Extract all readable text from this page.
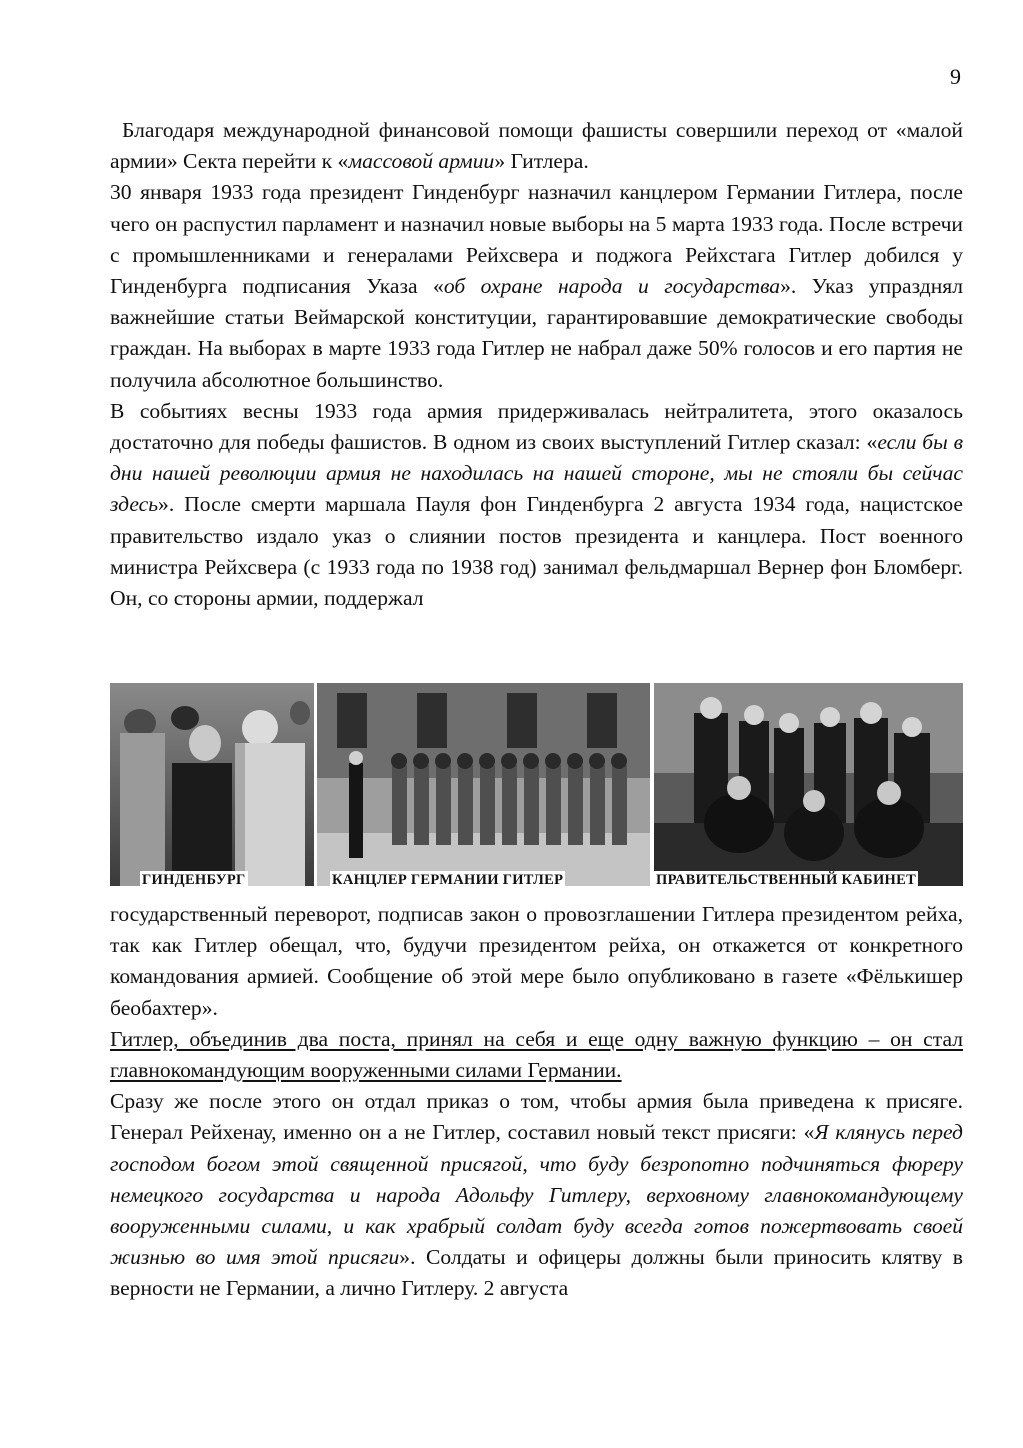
9

Благодаря международной финансовой помощи фашисты совершили переход от «малой армии» Секта перейти к «массовой армии» Гитлера.

30 января 1933 года президент Гинденбург назначил канцлером Германии Гитлера, после чего он распустил парламент и назначил новые выборы на 5 марта 1933 года. После встречи с промышленниками и генералами Рейхсвера и поджога Рейхстага Гитлер добился у Гинденбурга подписания Указа «об охране народа и государства». Указ упразднял важнейшие статьи Веймарской конституции, гарантировавшие демократические свободы граждан. На выборах в марте 1933 года Гитлер не набрал даже 50% голосов и его партия не получила абсолютное большинство.

В событиях весны 1933 года армия придерживалась нейтралитета, этого оказалось достаточно для победы фашистов. В одном из своих выступлений Гитлер сказал: «если бы в дни нашей революции армия не находилась на нашей стороне, мы не стояли бы сейчас здесь». После смерти маршала Пауля фон Гинденбурга 2 августа 1934 года, нацистское правительство издало указ о слиянии постов президента и канцлера. Пост военного министра Рейхсвера (с 1933 года по 1938 год) занимал фельдмаршал Вернер фон Бломберг. Он, со стороны армии, поддержал

ГИНДЕНБУРГ	КАНЦЛЕР ГЕРМАНИИ ГИТЛЕР	ПРАВИТЕЛЬСТВЕННЫЙ КАБИНЕТ

государственный переворот, подписав закон о провозглашении Гитлера президентом рейха, так как Гитлер обещал, что, будучи президентом рейха, он откажется от конкретного командования армией. Сообщение об этой мере было опубликовано в газете «Фёлькишер беобахтер».

Гитлер, объединив два поста, принял на себя и еще одну важную функцию – он стал главнокомандующим вооруженными силами Германии.

Сразу же после этого он отдал приказ о том, чтобы армия была приведена к присяге. Генерал Рейхенау, именно он а не Гитлер, составил новый текст присяги: «Я клянусь перед господом богом этой священной присягой, что буду безропотно подчиняться фюреру немецкого государства и народа Адольфу Гитлеру, верховному главнокомандующему вооруженными силами, и как храбрый солдат буду всегда готов пожертвовать своей жизнью во имя этой присяги». Солдаты и офицеры должны были приносить клятву в верности не Германии, а лично Гитлеру. 2 августа
